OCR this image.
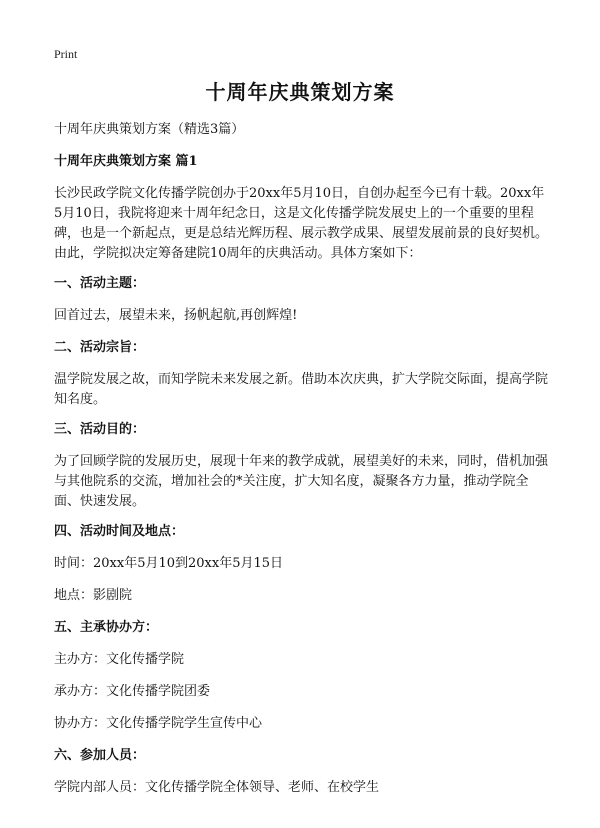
Print
十周年庆典策划方案

十周年庆典策划方案（精选3篇）

十周年庆典策划方案 篇1

长沙民政学院文化传播学院创办于20xx年5月10日，自创办起至今已有十载。20xx年5月10日，我院将迎来十周年纪念日，这是文化传播学院发展史上的一个重要的里程碑，也是一个新起点，更是总结光辉历程、展示教学成果、展望发展前景的良好契机。由此，学院拟决定筹备建院10周年的庆典活动。具体方案如下：

一、活动主题：

回首过去，展望未来，扬帆起航,再创辉煌!

二、活动宗旨：

温学院发展之故，而知学院未来发展之新。借助本次庆典，扩大学院交际面，提高学院知名度。

三、活动目的：

为了回顾学院的发展历史，展现十年来的教学成就，展望美好的未来，同时，借机加强与其他院系的交流，增加社会的*关注度，扩大知名度，凝聚各方力量，推动学院全面、快速发展。

四、活动时间及地点：

时间：20xx年5月10到20xx年5月15日

地点：影剧院

五、主承协办方：

主办方：文化传播学院

承办方：文化传播学院团委

协办方：文化传播学院学生宣传中心

六、参加人员：

学院内部人员：文化传播学院全体领导、老师、在校学生
